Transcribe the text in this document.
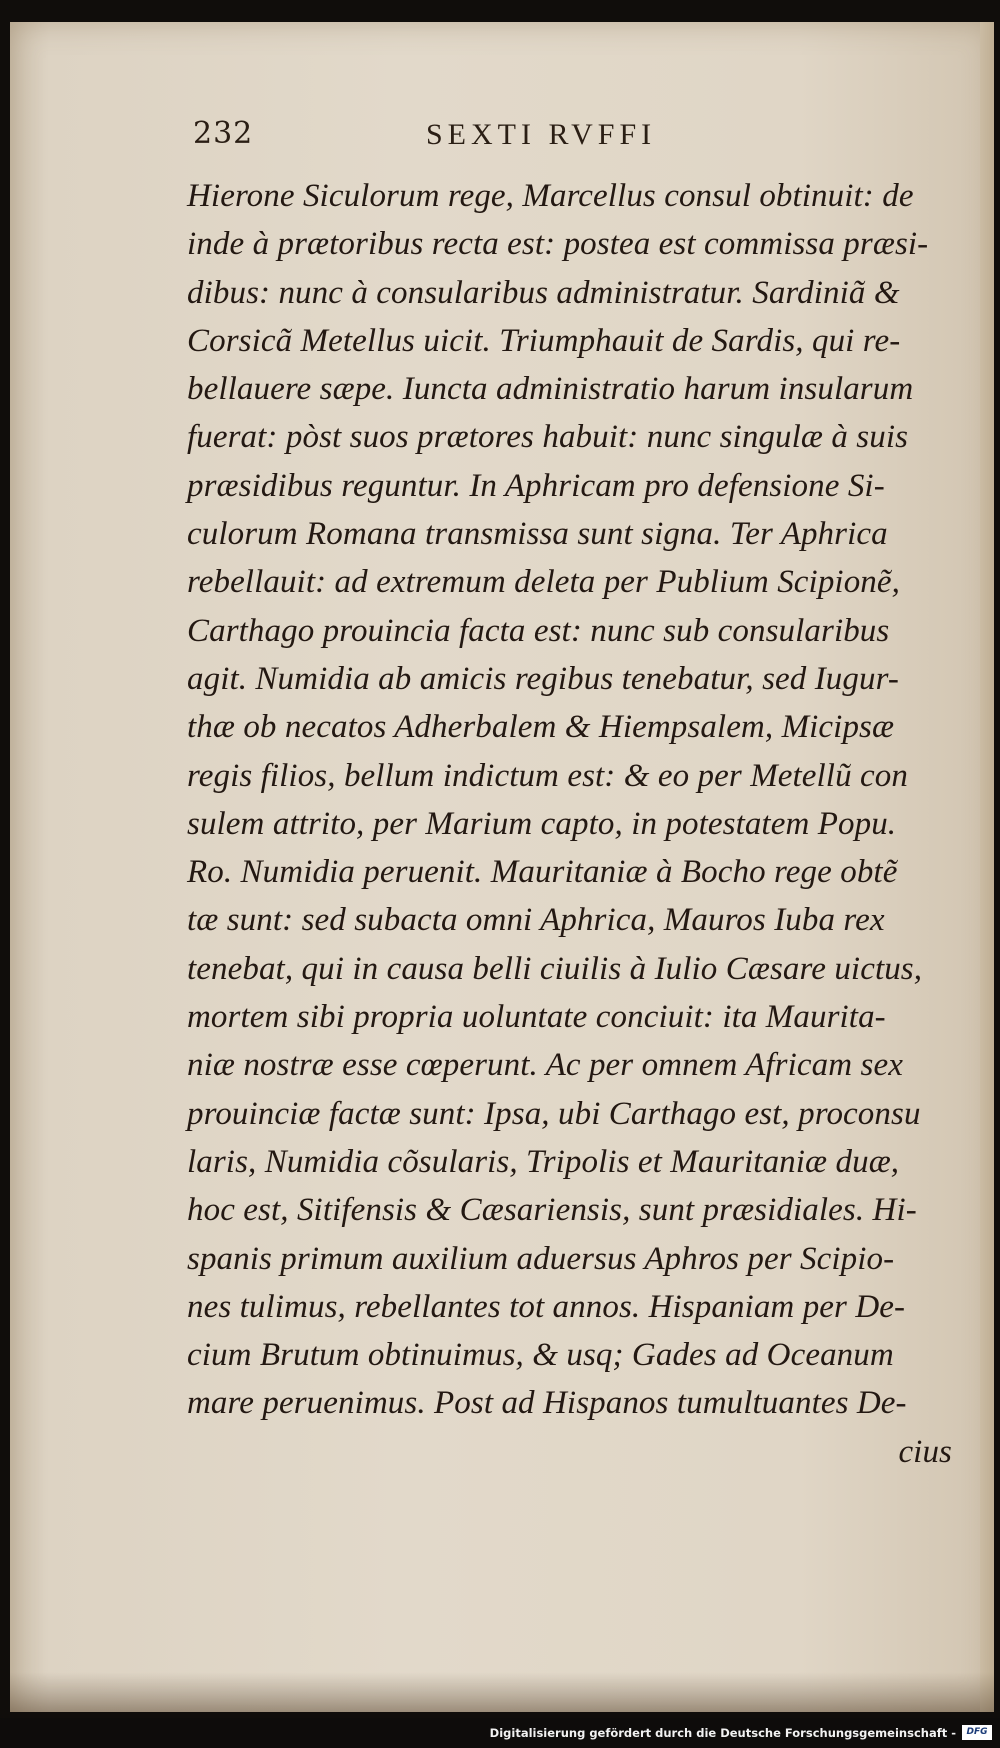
232	SEXTI RVFFI
Hierone Siculorum rege, Marcellus consul obtinuit: de
inde à prætoribus recta est: postea est commissa præsi-
dibus: nunc à consularibus administratur. Sardiniã &
Corsicã Metellus uicit. Triumphauit de Sardis, qui re-
bellauere sæpe. Iuncta administratio harum insularum
fuerat: pòst suos prætores habuit: nunc singulæ à suis
præsidibus reguntur. In Aphricam pro defensione Si-
culorum Romana transmissa sunt signa. Ter Aphrica
rebellauit: ad extremum deleta per Publium Scipionẽ,
Carthago prouincia facta est: nunc sub consularibus
agit. Numidia ab amicis regibus tenebatur, sed Iugur-
thæ ob necatos Adherbalem & Hiempsalem, Micipsæ
regis filios, bellum indictum est: & eo per Metellũ con
sulem attrito, per Marium capto, in potestatem Popu.
Ro. Numidia peruenit. Mauritaniæ à Bocho rege obtẽ
tæ sunt: sed subacta omni Aphrica, Mauros Iuba rex
tenebat, qui in causa belli ciuilis à Iulio Cæsare uictus,
mortem sibi propria uoluntate conciuit: ita Maurita-
niæ nostræ esse cœperunt. Ac per omnem Africam sex
prouinciæ factæ sunt: Ipsa, ubi Carthago est, proconsu
laris, Numidia cõsularis, Tripolis et Mauritaniæ duæ,
hoc est, Sitifensis & Cæsariensis, sunt præsidiales. Hi-
spanis primum auxilium aduersus Aphros per Scipio-
nes tulimus, rebellantes tot annos. Hispaniam per De-
cium Brutum obtinuimus, & usq; Gades ad Oceanum
mare peruenimus. Post ad Hispanos tumultuantes De-
cius
Digitalisierung gefördert durch die Deutsche Forschungsgemeinschaft -	DFG
